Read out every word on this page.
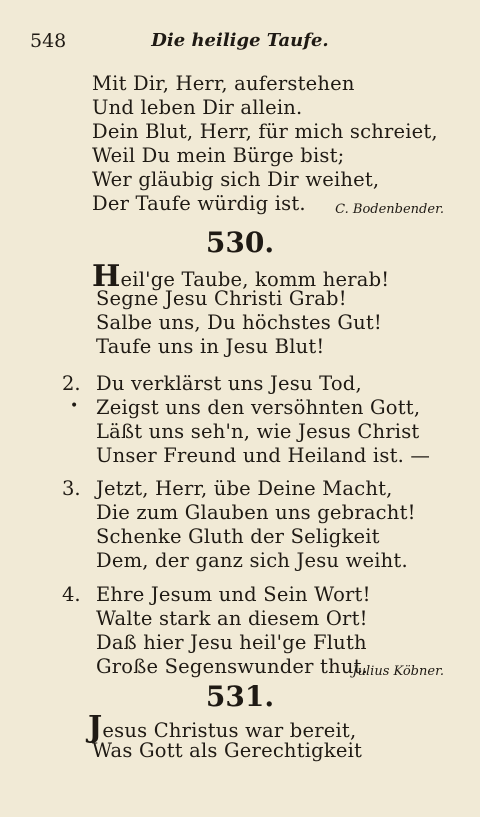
548	Die heilige Taufe.
Mit Dir, Herr, auferstehen
Und leben Dir allein.
Dein Blut, Herr, für mich schreiet,
Weil Du mein Bürge bist;
Wer gläubig sich Dir weihet,
Der Taufe würdig ist. C. Bodenbender.
530.
Heil'ge Taube, komm herab!
Segne Jesu Christi Grab!
Salbe uns, Du höchstes Gut!
Taufe uns in Jesu Blut!
2. Du verklärst uns Jesu Tod,
• Zeigst uns den versöhnten Gott,
Läßt uns seh'n, wie Jesus Christ
Unser Freund und Heiland ist. —
3. Jetzt, Herr, übe Deine Macht,
Die zum Glauben uns gebracht!
Schenke Gluth der Seligkeit
Dem, der ganz sich Jesu weiht.
4. Ehre Jesum und Sein Wort!
Walte stark an diesem Ort!
Daß hier Jesu heil'ge Fluth
Große Segenswunder thut.
Julius Köbner.
531.
Jesus Christus war bereit,
Was Gott als Gerechtigkeit
